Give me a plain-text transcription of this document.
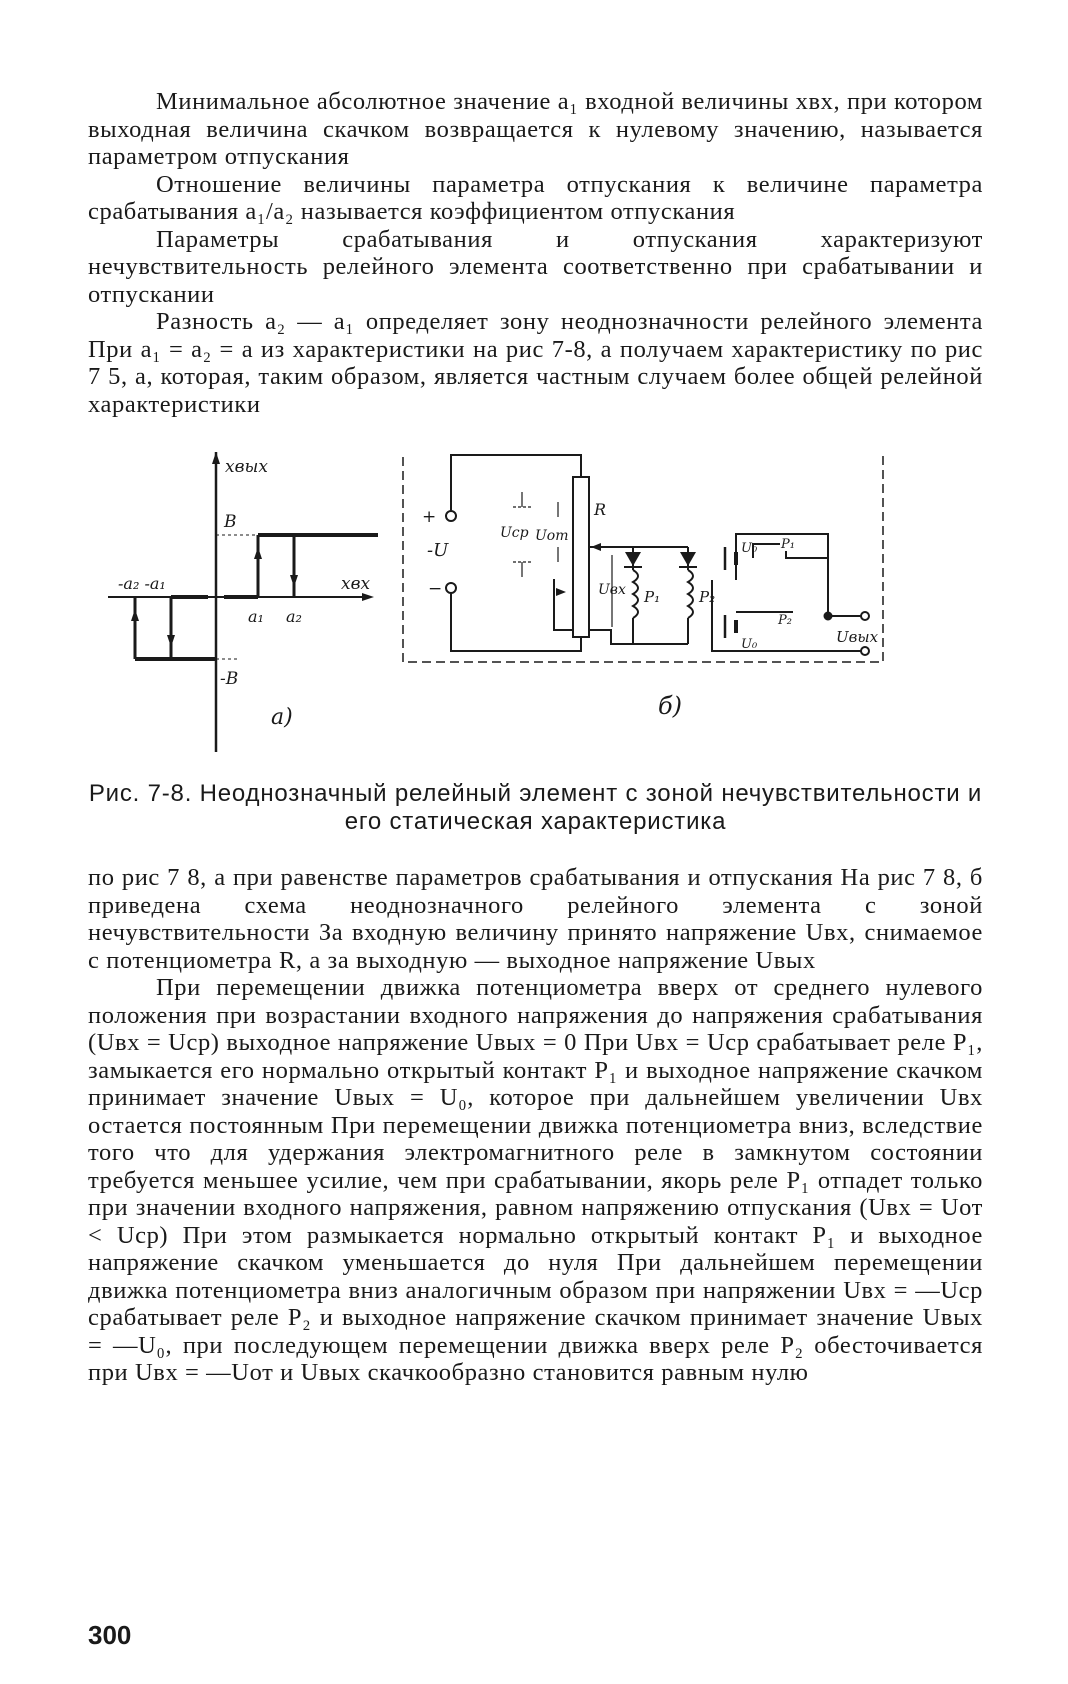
Минимальное абсолютное значение a₁ входной величины xвх, при котором выходная величина скачком возвращается к нулевому значению, называется параметром отпускания

Отношение величины параметра отпускания к величине параметра срабатывания a₁/a₂ называется коэффициентом отпускания

Параметры срабатывания и отпускания характеризуют нечувствительность релейного элемента соответственно при срабатывании и отпускании

Разность a₂ — a₁ определяет зону неоднозначности релейного элемента При a₁ = a₂ = a из характеристики на рис 7-8, а получаем характеристику по рис 7 5, а, которая, таким образом, является частным случаем более общей релейной характеристики

xвых
xвх
B
-B
-a₂ -a₁
a₁ a₂
а)
+
-U
−
Uср Uот
R
Uвх P₁	P₂
U₀ P₁
U₀
P₂
Uвых
б)
Рис. 7-8. Неоднозначный релейный элемент с зоной нечувствительности и его статическая характеристика

по рис 7 8, а при равенстве параметров срабатывания и отпускания На рис 7 8, б приведена схема неоднозначного релейного элемента с зоной нечувствительности За входную величину принято напряжение Uвх, снимаемое с потенциометра R, а за выходную — выходное напряжение Uвых

При перемещении движка потенциометра вверх от среднего нулевого положения при возрастании входного напряжения до напряжения срабатывания (Uвх = Uср) выходное напряжение Uвых = 0 При Uвх = Uср срабатывает реле P₁, замыкается его нормально открытый контакт P₁ и выходное напряжение скачком принимает значение Uвых = U₀, которое при дальнейшем увеличении Uвх остается постоянным При перемещении движка потенциометра вниз, вследствие того что для удержания электромагнитного реле в замкнутом состоянии требуется меньшее усилие, чем при срабатывании, якорь реле P₁ отпадет только при значении входного напряжения, равном напряжению отпускания (Uвх = Uот < Uср) При этом размыкается нормально открытый контакт P₁ и выходное напряжение скачком уменьшается до нуля При дальнейшем перемещении движка потенциометра вниз аналогичным образом при напряжении Uвх = —Uср срабатывает реле P₂ и выходное напряжение скачком принимает значение Uвых = —U₀, при последующем перемещении движка вверх реле P₂ обесточивается при Uвх = —Uот и Uвых скачкообразно становится равным нулю

300
